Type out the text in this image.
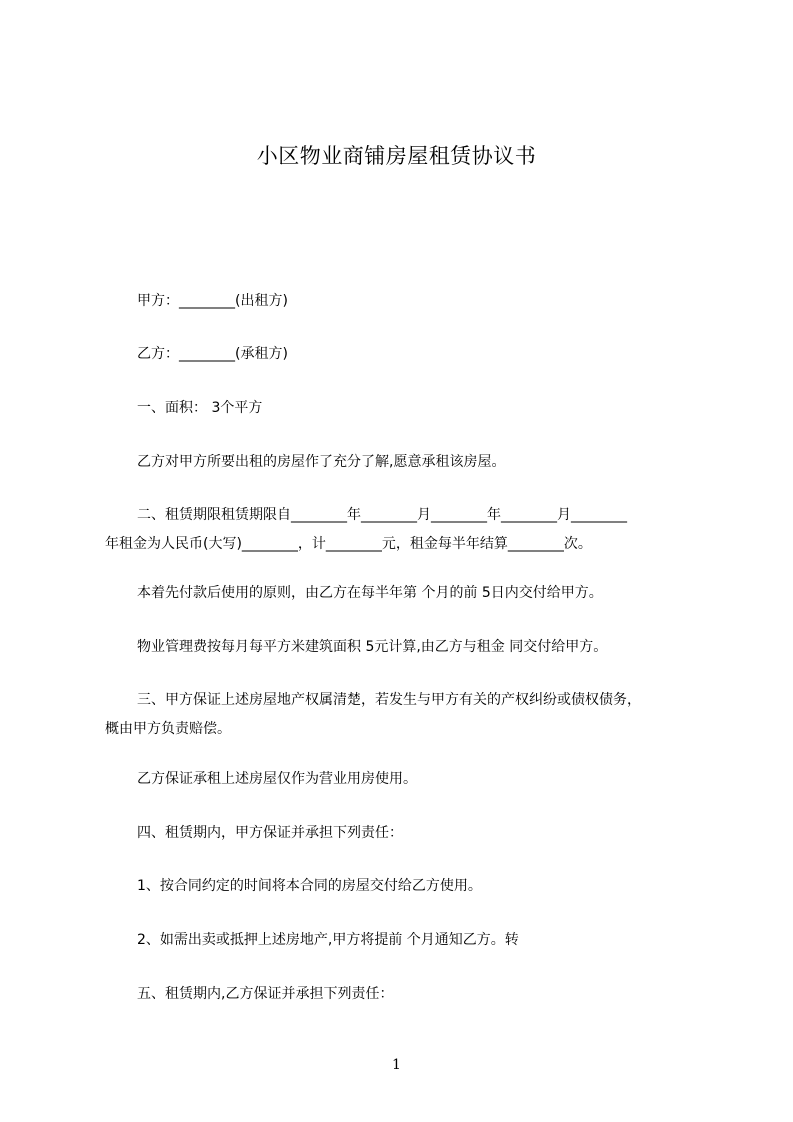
小区物业商铺房屋租赁协议书
甲方：________(出租方)
乙方：________(承租方)
一、面积： 3个平方
乙方对甲方所要出租的房屋作了充分了解,愿意承租该房屋。
二、租赁期限租赁期限自________年________月________年________月________
年租金为人民币(大写)________，计________元，租金每半年结算________次。
本着先付款后使用的原则，由乙方在每半年第 个月的前 5日内交付给甲方。
物业管理费按每月每平方米建筑面积 5元计算,由乙方与租金 同交付给甲方。
三、甲方保证上述房屋地产权属清楚，若发生与甲方有关的产权纠纷或债权债务，
概由甲方负责赔偿。
乙方保证承租上述房屋仅作为营业用房使用。
四、租赁期内，甲方保证并承担下列责任：
1、按合同约定的时间将本合同的房屋交付给乙方使用。
2、如需出卖或抵押上述房地产,甲方将提前 个月通知乙方。转
五、租赁期内,乙方保证并承担下列责任：
1
